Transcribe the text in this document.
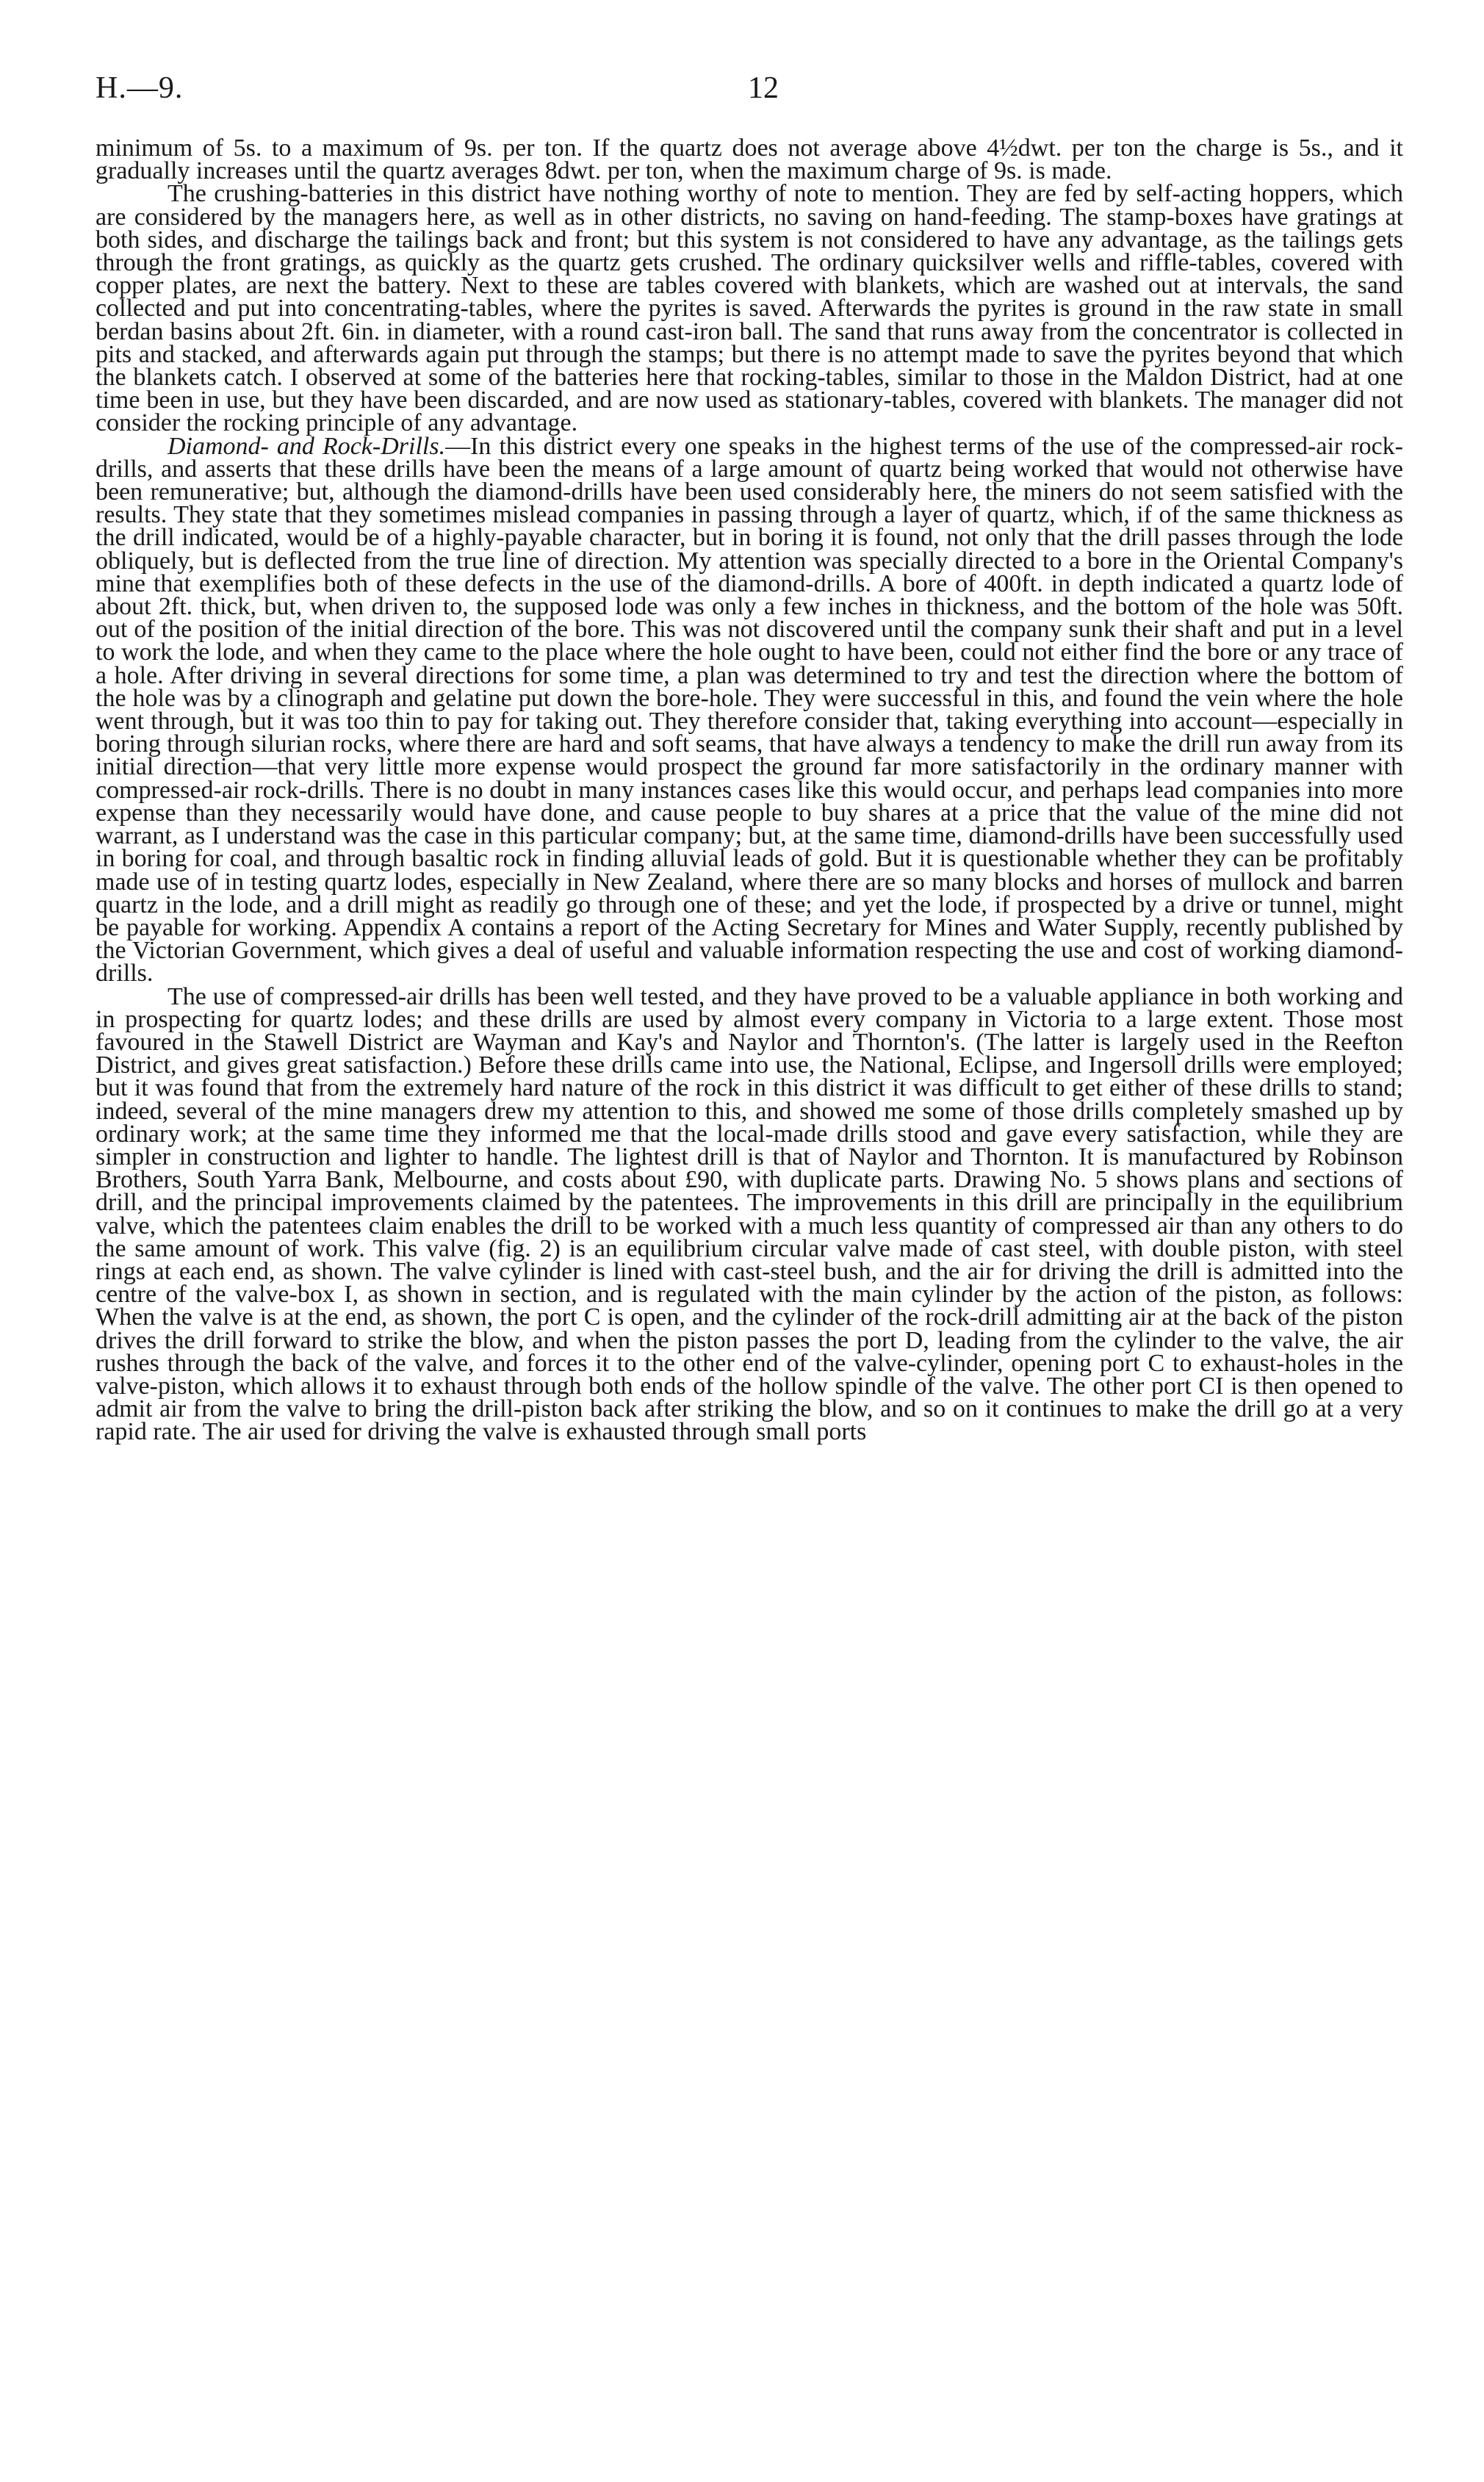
H.—9.	12

minimum of 5s. to a maximum of 9s. per ton. If the quartz does not average above 4½dwt. per ton the charge is 5s., and it gradually increases until the quartz averages 8dwt. per ton, when the maximum charge of 9s. is made.

The crushing-batteries in this district have nothing worthy of note to mention. They are fed by self-acting hoppers, which are considered by the managers here, as well as in other districts, no saving on hand-feeding. The stamp-boxes have gratings at both sides, and discharge the tailings back and front; but this system is not considered to have any advantage, as the tailings gets through the front gratings, as quickly as the quartz gets crushed. The ordinary quicksilver wells and riffle-tables, covered with copper plates, are next the battery. Next to these are tables covered with blankets, which are washed out at intervals, the sand collected and put into concentrating-tables, where the pyrites is saved. Afterwards the pyrites is ground in the raw state in small berdan basins about 2ft. 6in. in diameter, with a round cast-iron ball. The sand that runs away from the concentrator is collected in pits and stacked, and afterwards again put through the stamps; but there is no attempt made to save the pyrites beyond that which the blankets catch. I observed at some of the batteries here that rocking-tables, similar to those in the Maldon District, had at one time been in use, but they have been discarded, and are now used as stationary-tables, covered with blankets. The manager did not consider the rocking principle of any advantage.

Diamond- and Rock-Drills.—In this district every one speaks in the highest terms of the use of the compressed-air rock-drills, and asserts that these drills have been the means of a large amount of quartz being worked that would not otherwise have been remunerative; but, although the diamond-drills have been used considerably here, the miners do not seem satisfied with the results. They state that they sometimes mislead companies in passing through a layer of quartz, which, if of the same thickness as the drill indicated, would be of a highly-payable character, but in boring it is found, not only that the drill passes through the lode obliquely, but is deflected from the true line of direction. My attention was specially directed to a bore in the Oriental Company's mine that exemplifies both of these defects in the use of the diamond-drills. A bore of 400ft. in depth indicated a quartz lode of about 2ft. thick, but, when driven to, the supposed lode was only a few inches in thickness, and the bottom of the hole was 50ft. out of the position of the initial direction of the bore. This was not discovered until the company sunk their shaft and put in a level to work the lode, and when they came to the place where the hole ought to have been, could not either find the bore or any trace of a hole. After driving in several directions for some time, a plan was determined to try and test the direction where the bottom of the hole was by a clinograph and gelatine put down the bore-hole. They were successful in this, and found the vein where the hole went through, but it was too thin to pay for taking out. They therefore consider that, taking everything into account—especially in boring through silurian rocks, where there are hard and soft seams, that have always a tendency to make the drill run away from its initial direction—that very little more expense would prospect the ground far more satisfactorily in the ordinary manner with compressed-air rock-drills. There is no doubt in many instances cases like this would occur, and perhaps lead companies into more expense than they necessarily would have done, and cause people to buy shares at a price that the value of the mine did not warrant, as I understand was the case in this particular company; but, at the same time, diamond-drills have been successfully used in boring for coal, and through basaltic rock in finding alluvial leads of gold. But it is questionable whether they can be profitably made use of in testing quartz lodes, especially in New Zealand, where there are so many blocks and horses of mullock and barren quartz in the lode, and a drill might as readily go through one of these; and yet the lode, if prospected by a drive or tunnel, might be payable for working. Appendix A contains a report of the Acting Secretary for Mines and Water Supply, recently published by the Victorian Government, which gives a deal of useful and valuable information respecting the use and cost of working diamond-drills.

The use of compressed-air drills has been well tested, and they have proved to be a valuable appliance in both working and in prospecting for quartz lodes; and these drills are used by almost every company in Victoria to a large extent. Those most favoured in the Stawell District are Wayman and Kay's and Naylor and Thornton's. (The latter is largely used in the Reefton District, and gives great satisfaction.) Before these drills came into use, the National, Eclipse, and Ingersoll drills were employed; but it was found that from the extremely hard nature of the rock in this district it was difficult to get either of these drills to stand; indeed, several of the mine managers drew my attention to this, and showed me some of those drills completely smashed up by ordinary work; at the same time they informed me that the local-made drills stood and gave every satisfaction, while they are simpler in construction and lighter to handle. The lightest drill is that of Naylor and Thornton. It is manufactured by Robinson Brothers, South Yarra Bank, Melbourne, and costs about £90, with duplicate parts. Drawing No. 5 shows plans and sections of drill, and the principal improvements claimed by the patentees. The improvements in this drill are principally in the equilibrium valve, which the patentees claim enables the drill to be worked with a much less quantity of compressed air than any others to do the same amount of work. This valve (fig. 2) is an equilibrium circular valve made of cast steel, with double piston, with steel rings at each end, as shown. The valve cylinder is lined with cast-steel bush, and the air for driving the drill is admitted into the centre of the valve-box I, as shown in section, and is regulated with the main cylinder by the action of the piston, as follows: When the valve is at the end, as shown, the port C is open, and the cylinder of the rock-drill admitting air at the back of the piston drives the drill forward to strike the blow, and when the piston passes the port D, leading from the cylinder to the valve, the air rushes through the back of the valve, and forces it to the other end of the valve-cylinder, opening port C to exhaust-holes in the valve-piston, which allows it to exhaust through both ends of the hollow spindle of the valve. The other port CI is then opened to admit air from the valve to bring the drill-piston back after striking the blow, and so on it continues to make the drill go at a very rapid rate. The air used for driving the valve is exhausted through small ports
